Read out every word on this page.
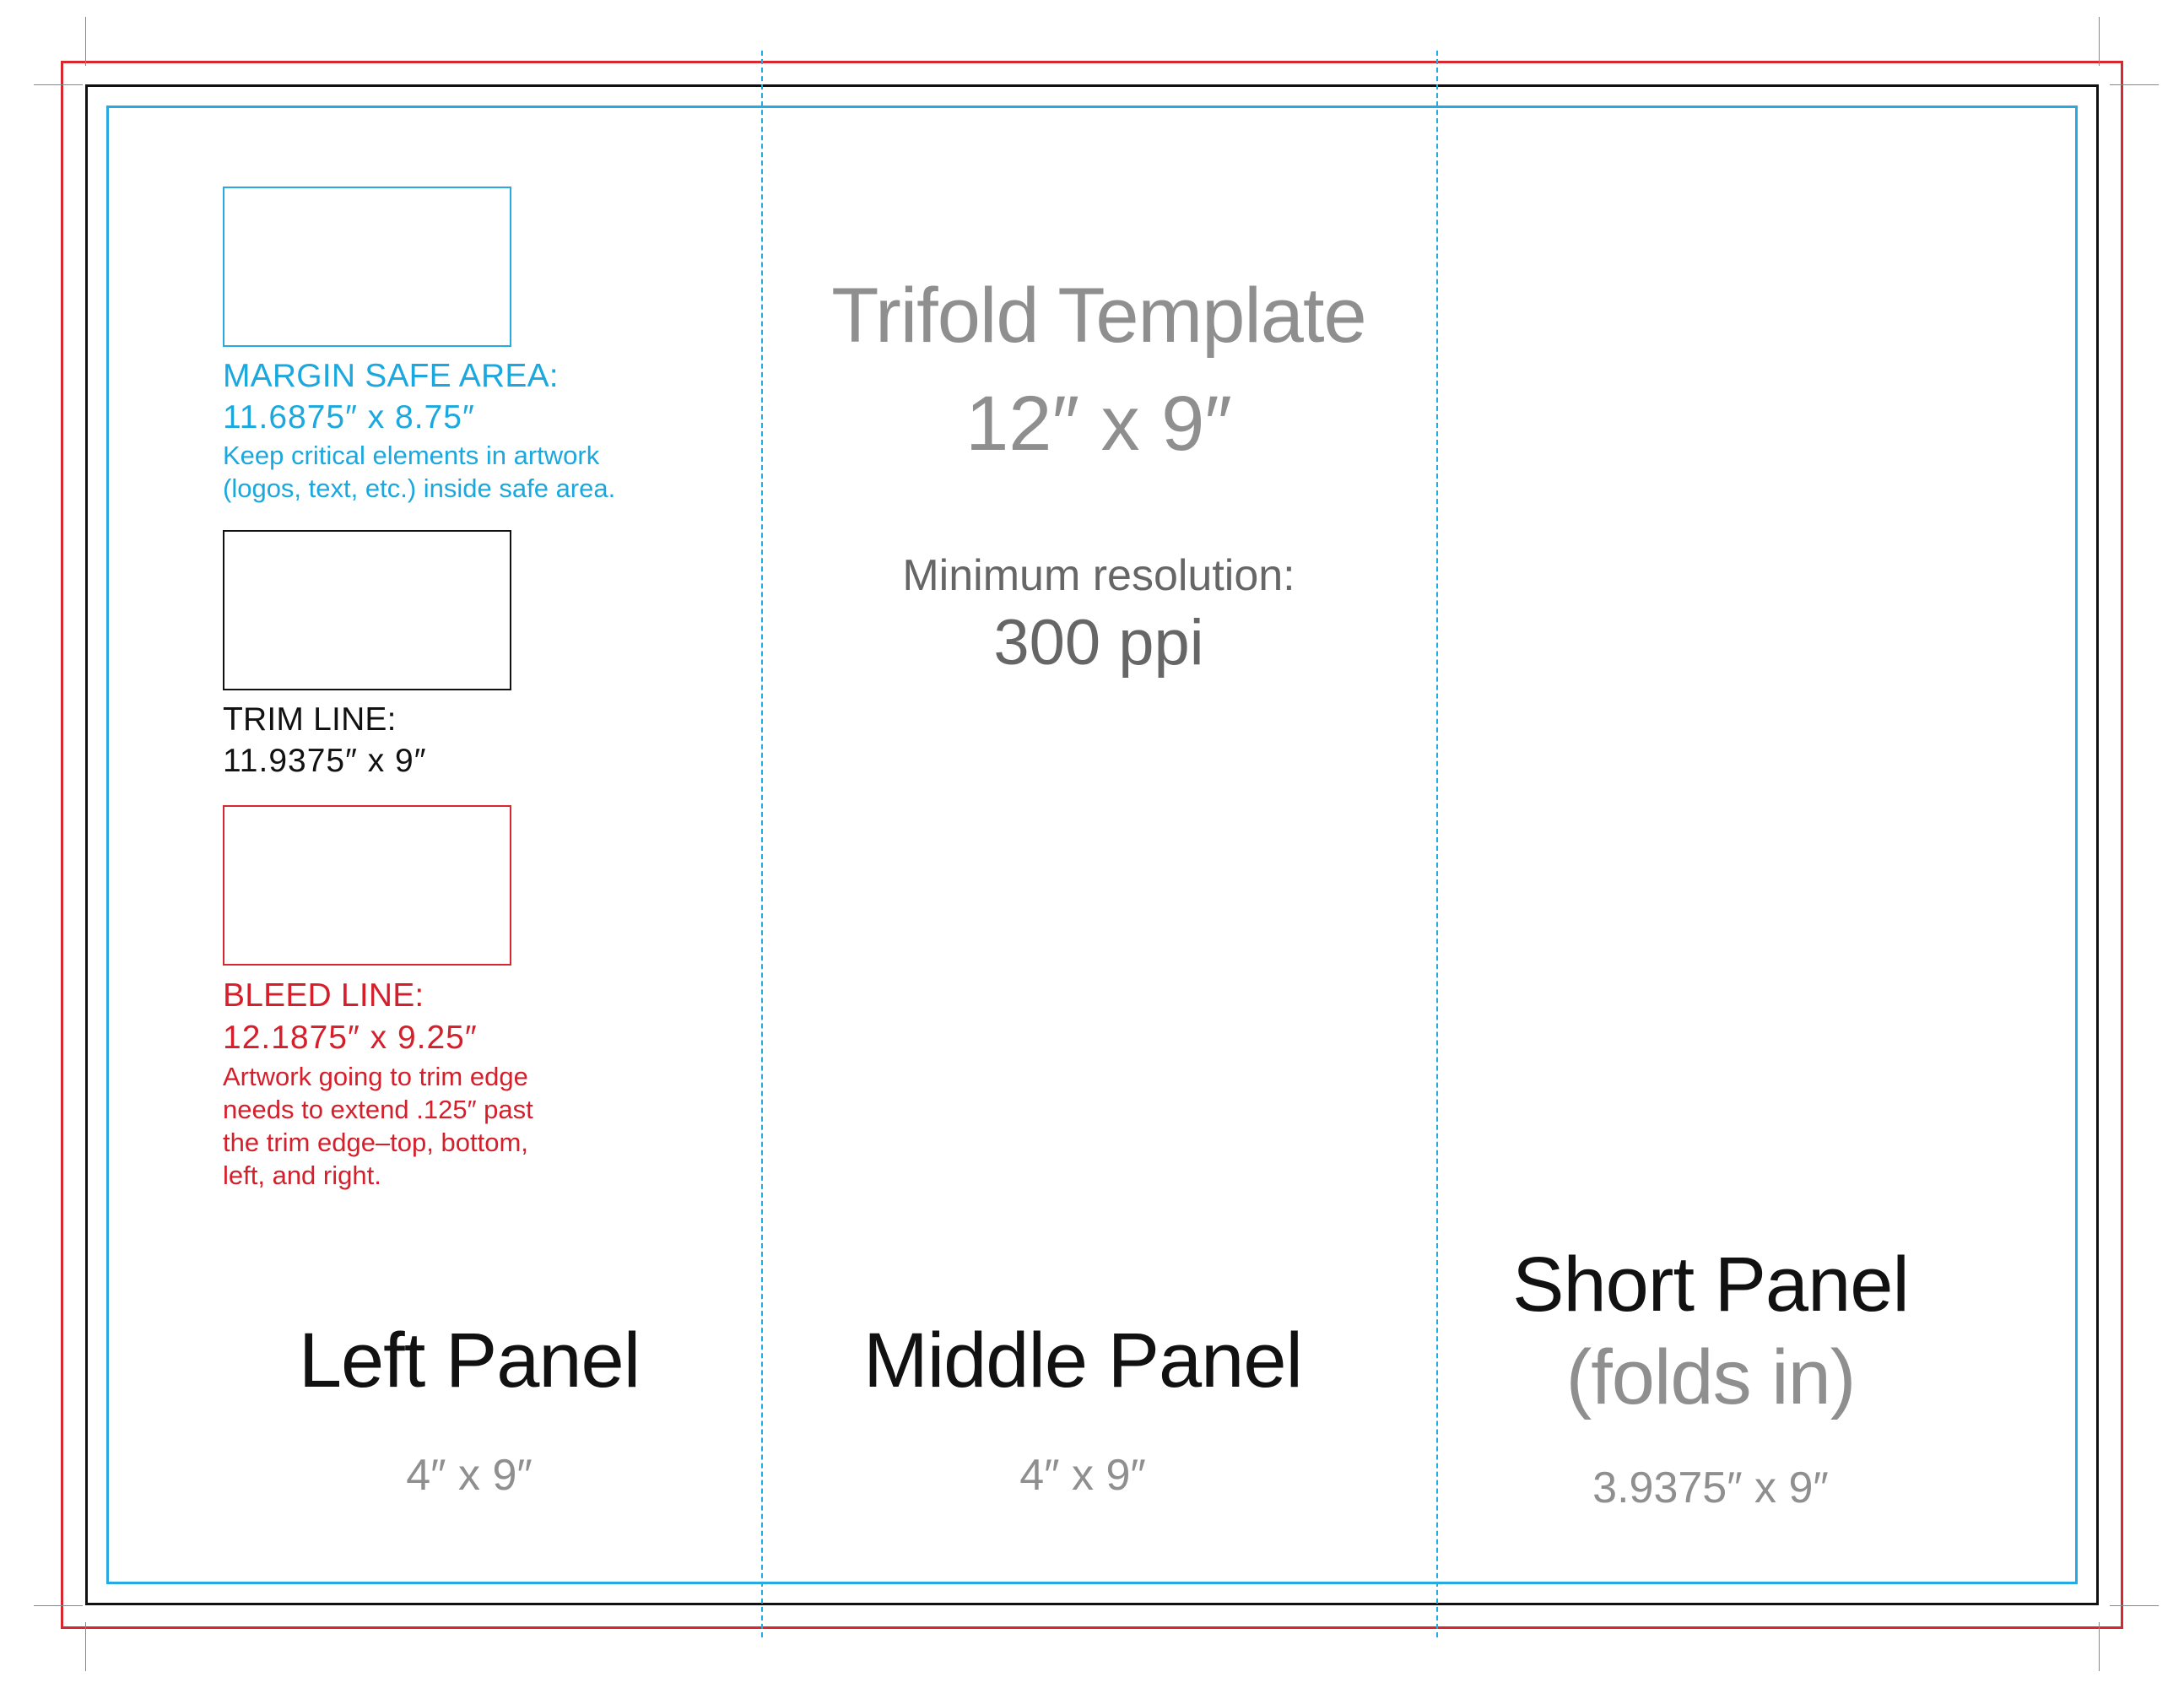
MARGIN SAFE AREA:

11.6875″ x 8.75″

Keep critical elements in artwork

(logos, text, etc.) inside safe area.

TRIM LINE:

11.9375″ x 9″

BLEED LINE:

12.1875″ x 9.25″

Artwork going to trim edge

needs to extend .125″ past

the trim edge–top, bottom,

left, and right.

Trifold Template

12″ x 9″

Minimum resolution:

300 ppi

Left Panel

4″ x 9″

Middle Panel

4″ x 9″

Short Panel

(folds in)

3.9375″ x 9″
